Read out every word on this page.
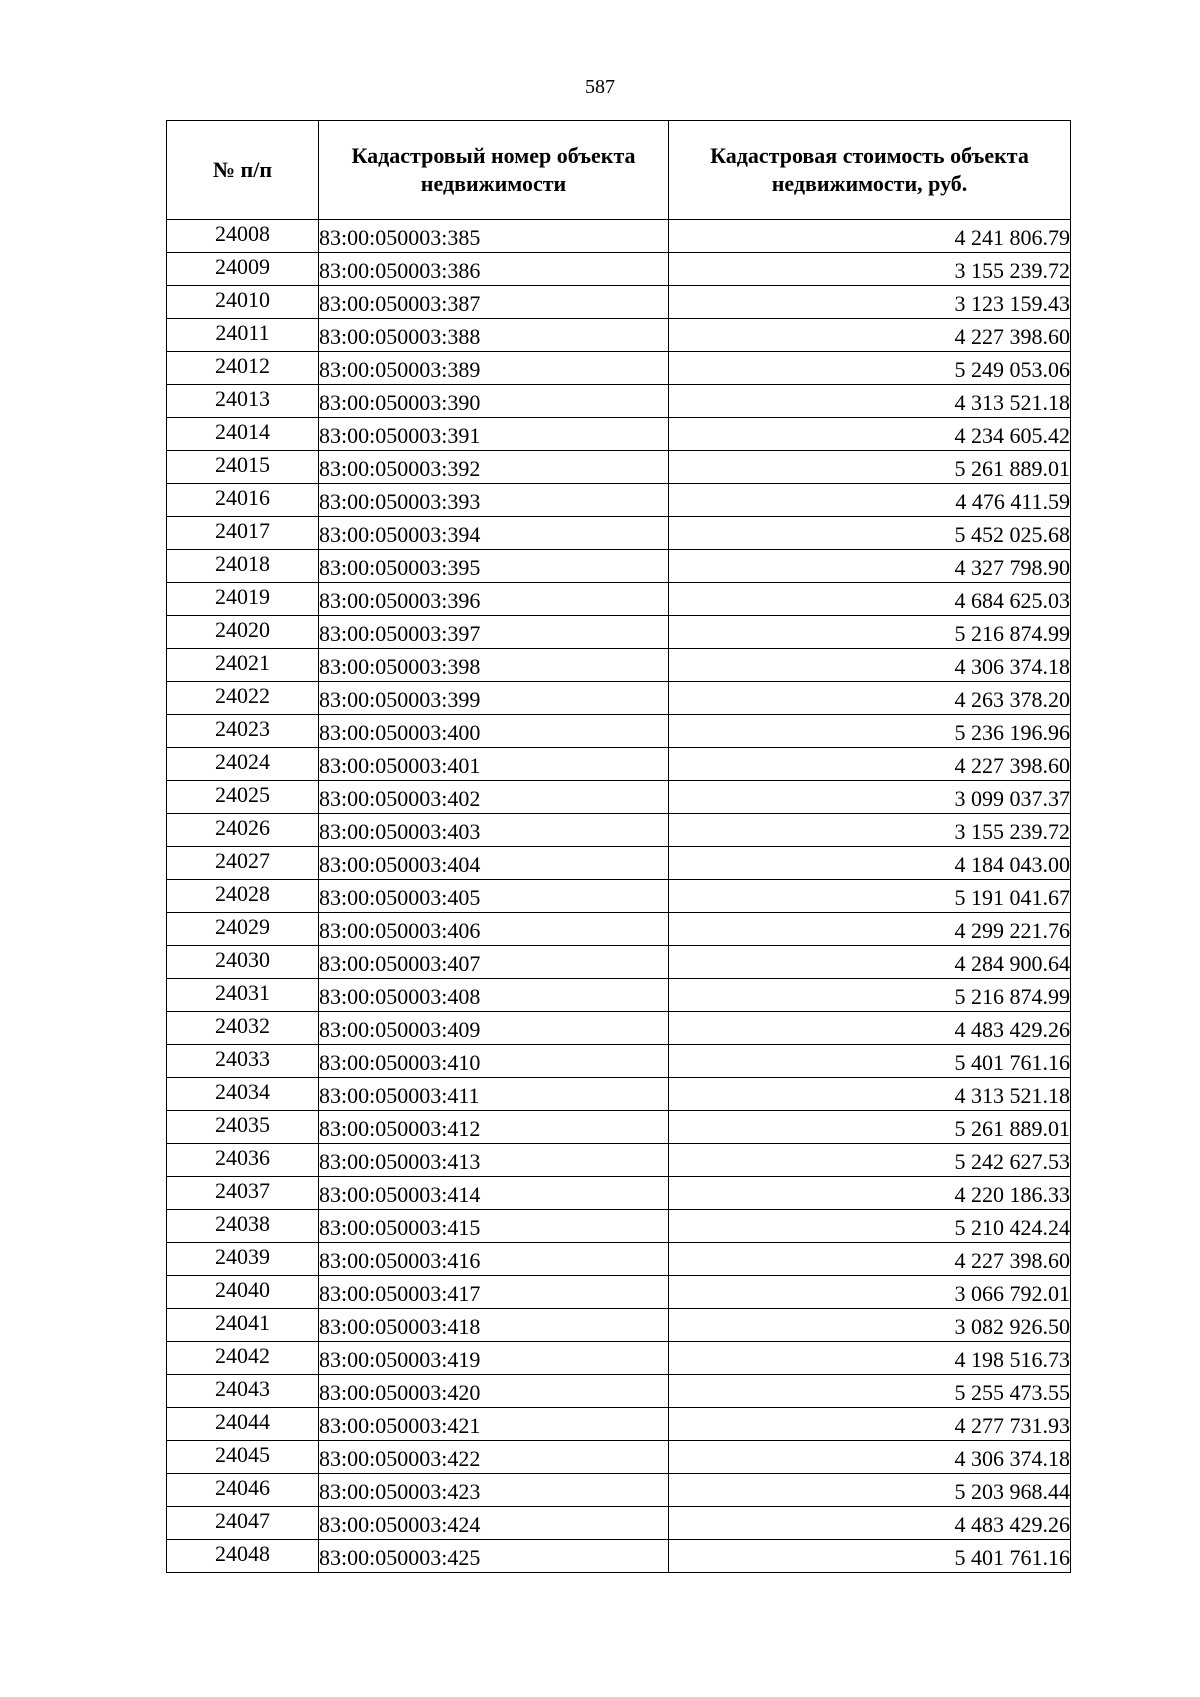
587
№ п/п	Кадастровый номер объекта недвижимости	Кадастровая стоимость объекта недвижимости, руб.
24008	83:00:050003:385	4 241 806.79
24009	83:00:050003:386	3 155 239.72
24010	83:00:050003:387	3 123 159.43
24011	83:00:050003:388	4 227 398.60
24012	83:00:050003:389	5 249 053.06
24013	83:00:050003:390	4 313 521.18
24014	83:00:050003:391	4 234 605.42
24015	83:00:050003:392	5 261 889.01
24016	83:00:050003:393	4 476 411.59
24017	83:00:050003:394	5 452 025.68
24018	83:00:050003:395	4 327 798.90
24019	83:00:050003:396	4 684 625.03
24020	83:00:050003:397	5 216 874.99
24021	83:00:050003:398	4 306 374.18
24022	83:00:050003:399	4 263 378.20
24023	83:00:050003:400	5 236 196.96
24024	83:00:050003:401	4 227 398.60
24025	83:00:050003:402	3 099 037.37
24026	83:00:050003:403	3 155 239.72
24027	83:00:050003:404	4 184 043.00
24028	83:00:050003:405	5 191 041.67
24029	83:00:050003:406	4 299 221.76
24030	83:00:050003:407	4 284 900.64
24031	83:00:050003:408	5 216 874.99
24032	83:00:050003:409	4 483 429.26
24033	83:00:050003:410	5 401 761.16
24034	83:00:050003:411	4 313 521.18
24035	83:00:050003:412	5 261 889.01
24036	83:00:050003:413	5 242 627.53
24037	83:00:050003:414	4 220 186.33
24038	83:00:050003:415	5 210 424.24
24039	83:00:050003:416	4 227 398.60
24040	83:00:050003:417	3 066 792.01
24041	83:00:050003:418	3 082 926.50
24042	83:00:050003:419	4 198 516.73
24043	83:00:050003:420	5 255 473.55
24044	83:00:050003:421	4 277 731.93
24045	83:00:050003:422	4 306 374.18
24046	83:00:050003:423	5 203 968.44
24047	83:00:050003:424	4 483 429.26
24048	83:00:050003:425	5 401 761.16
